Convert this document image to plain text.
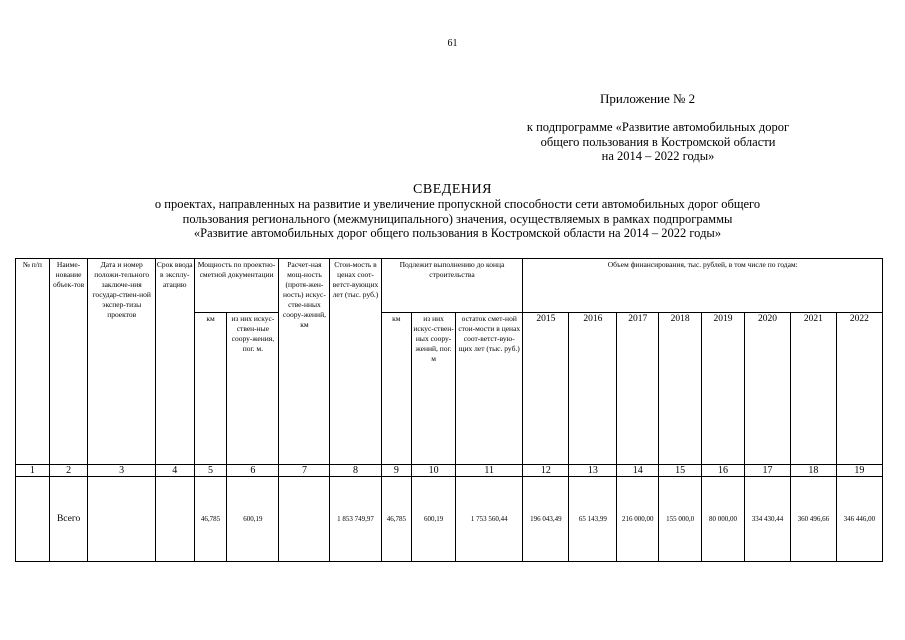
61
Приложение № 2
к подпрограмме «Развитие автомобильных дорог
общего пользования в Костромской области
на 2014 – 2022 годы»
СВЕДЕНИЯ
о проектах, направленных на развитие и увеличение пропускной способности сети автомобильных дорог общего
пользования регионального (межмуниципального) значения, осуществляемых в рамках подпрограммы
«Развитие автомобильных дорог общего пользования в Костромской области на 2014 – 2022 годы»
№ п/п	Наиме-нование объек-тов	Дата и номер положи-тельного заключе-ния государ-ствен-ной экспер-тизы проектов	Срок ввода в эксплу-атацию	Мощность по проектно-сметной документации		Расчет-ная мощ-ность (протя-жен-ность) искус-стве-нных соору-жений, км	Стои-мость в ценах соот-ветст-вующих лет (тыс. руб.)	Подлежит выполнению до конца строительства			Объем финансирования, тыс. рублей, в том числе по годам:							
				км	из них искус-ствен-ные соору-жения, пог. м.			км	из них искус-ствен-ных соору-жений, пог. м	остаток смет-ной стои-мости в ценах соот-ветст-вую-щих лет (тыс. руб.)	2015	2016	2017	2018	2019	2020	2021	2022
1	2	3	4	5	6	7	8	9	10	11	12	13	14	15	16	17	18	19
	Всего			46,785	600,19		1 853 749,97	46,785	600,19	1 753 560,44	196 043,49	65 143,99	216 000,00	155 000,0	80 000,00	334 430,44	360 496,66	346 446,00
